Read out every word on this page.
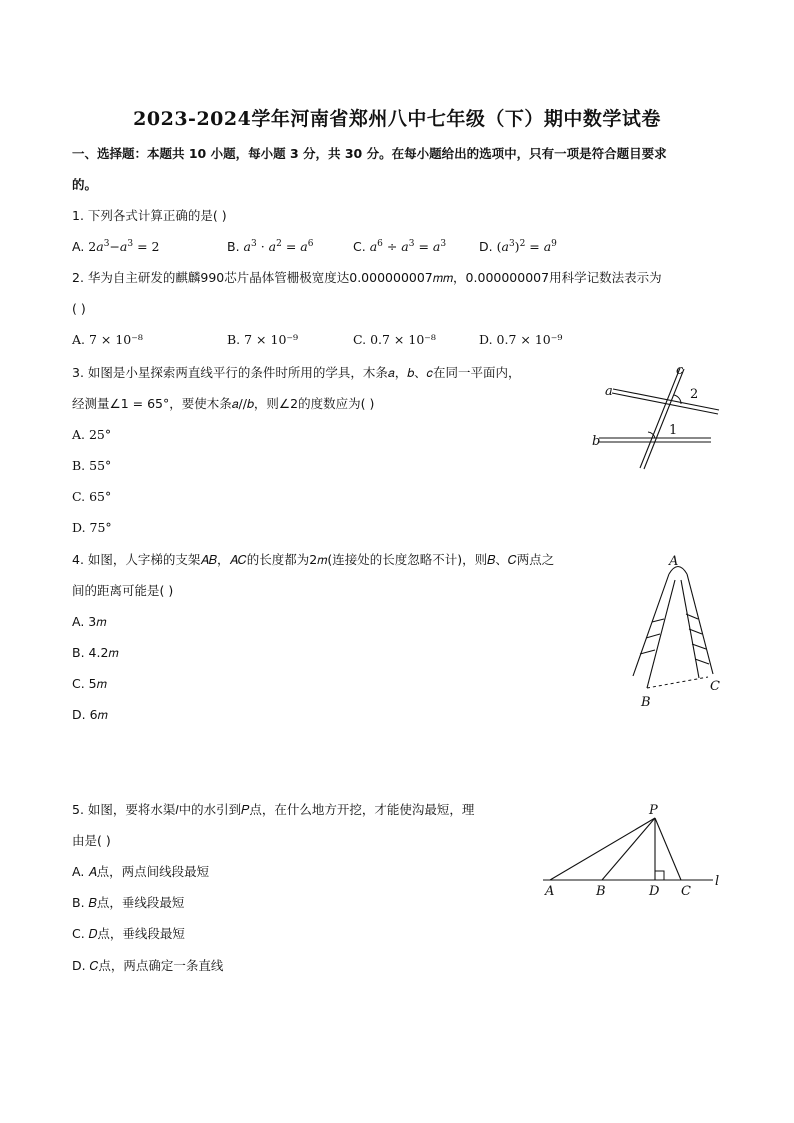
2023-2024学年河南省郑州八中七年级（下）期中数学试卷
一、选择题：本题共 10 小题，每小题 3 分，共 30 分。在每小题给出的选项中，只有一项是符合题目要求
的。
1. 下列各式计算正确的是( )
A. $2a^3-a^3 = 2$	B. $a^3 \cdot a^2 = a^6$	C. $a^6 \div a^3 = a^3$	D. $(a^3)^2 = a^9$
2. 华为自主研发的麒麟990芯片晶体管栅极宽度达0.000000007𝑚𝑚，0.000000007用科学记数法表示为
( )
A. 7 × 10⁻⁸	B. 7 × 10⁻⁹	C. 0.7 × 10⁻⁸	D. 0.7 × 10⁻⁹
3. 如图是小星探索两直线平行的条件时所用的学具，木条𝑎，𝑏、𝑐在同一平面内，
经测量∠1 = 65°，要使木条𝑎//𝑏，则∠2的度数应为( )
A. 25°
B. 55°
C. 65°
D. 75°
c
a
b
2
1
4. 如图，人字梯的支架𝐴𝐵，𝐴𝐶的长度都为2𝑚(连接处的长度忽略不计)，则𝐵、𝐶两点之
间的距离可能是( )
A. 3𝑚
B. 4.2𝑚
C. 5𝑚
D. 6𝑚
A
B
C
5. 如图，要将水渠𝑙中的水引到𝑃点，在什么地方开挖，才能使沟最短，理
由是( )
A. 𝐴点，两点间线段最短
B. 𝐵点，垂线段最短
C. 𝐷点，垂线段最短
D. 𝐶点，两点确定一条直线
P
A	B	D C
l
